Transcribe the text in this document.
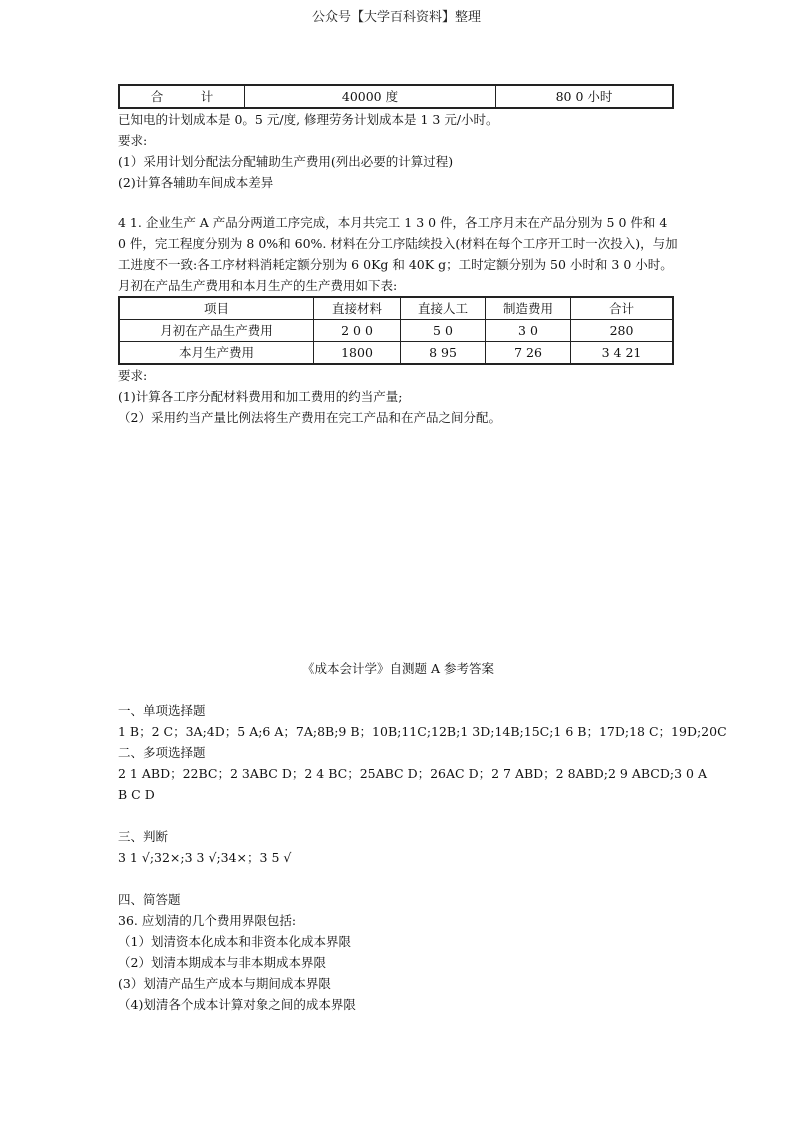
公众号【大学百科资料】整理
合　　　计	40000 度	80 0 小时

已知电的计划成本是 0。5 元/度, 修理劳务计划成本是 1 3 元/小时。

要求:

(1）采用计划分配法分配辅助生产费用(列出必要的计算过程)

(2)计算各辅助车间成本差异

4 1. 企业生产 A 产品分两道工序完成，本月共完工 1 3 0 件，各工序月末在产品分别为 5 0 件和 4 0 件，完工程度分别为 8 0%和 60%. 材料在分工序陆续投入(材料在每个工序开工时一次投入)，与加工进度不一致:各工序材料消耗定额分别为 6 0Kg 和 40K g；工时定额分别为 50 小时和 3 0 小时。

月初在产品生产费用和本月生产的生产费用如下表:

项目	直接材料	直接人工	制造费用	合计
月初在产品生产费用	2 0 0	5 0	3 0	280
本月生产费用	1800	8 95	7 26	3 4 21

要求:

(1)计算各工序分配材料费用和加工费用的约当产量;

（2）采用约当产量比例法将生产费用在完工产品和在产品之间分配。

《成本会计学》自测题 A 参考答案

一、单项选择题

1 B；2 C；3A;4D；5 A;6 A；7A;8B;9 B；10B;11C;12B;1 3D;14B;15C;1 6 B；17D;18 C；19D;20C

二、多项选择题

2 1 ABD；22BC；2 3ABC D；2 4 BC；25ABC D；26AC D；2 7 ABD；2 8ABD;2 9 ABCD;3 0 A

B C D

三、判断

3 1 √;32×;3 3 √;34×；3 5 √

四、简答题

36. 应划清的几个费用界限包括:

（1）划清资本化成本和非资本化成本界限

（2）划清本期成本与非本期成本界限

(3）划清产品生产成本与期间成本界限

（4)划清各个成本计算对象之间的成本界限
